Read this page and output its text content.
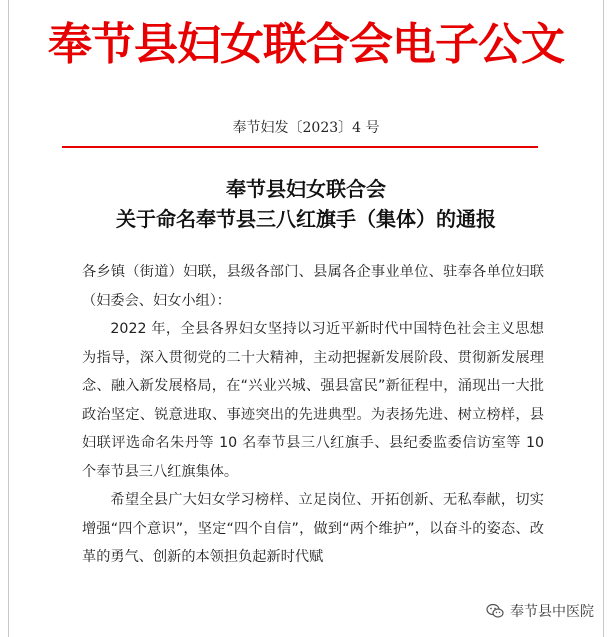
奉节县妇女联合会电子公文
奉节妇发〔2023〕4 号
奉节县妇女联合会
关于命名奉节县三八红旗手（集体）的通报

各乡镇（街道）妇联，县级各部门、县属各企事业单位、驻奉各单位妇联（妇委会、妇女小组）：

2022 年，全县各界妇女坚持以习近平新时代中国特色社会主义思想为指导，深入贯彻党的二十大精神，主动把握新发展阶段、贯彻新发展理念、融入新发展格局，在“兴业兴城、强县富民”新征程中，涌现出一大批政治坚定、锐意进取、事迹突出的先进典型。为表扬先进、树立榜样，县妇联评选命名朱丹等 10 名奉节县三八红旗手、县纪委监委信访室等 10 个奉节县三八红旗集体。

希望全县广大妇女学习榜样、立足岗位、开拓创新、无私奉献，切实增强“四个意识”，坚定“四个自信”，做到“两个维护”，以奋斗的姿态、改革的勇气、创新的本领担负起新时代赋

奉节县中医院
